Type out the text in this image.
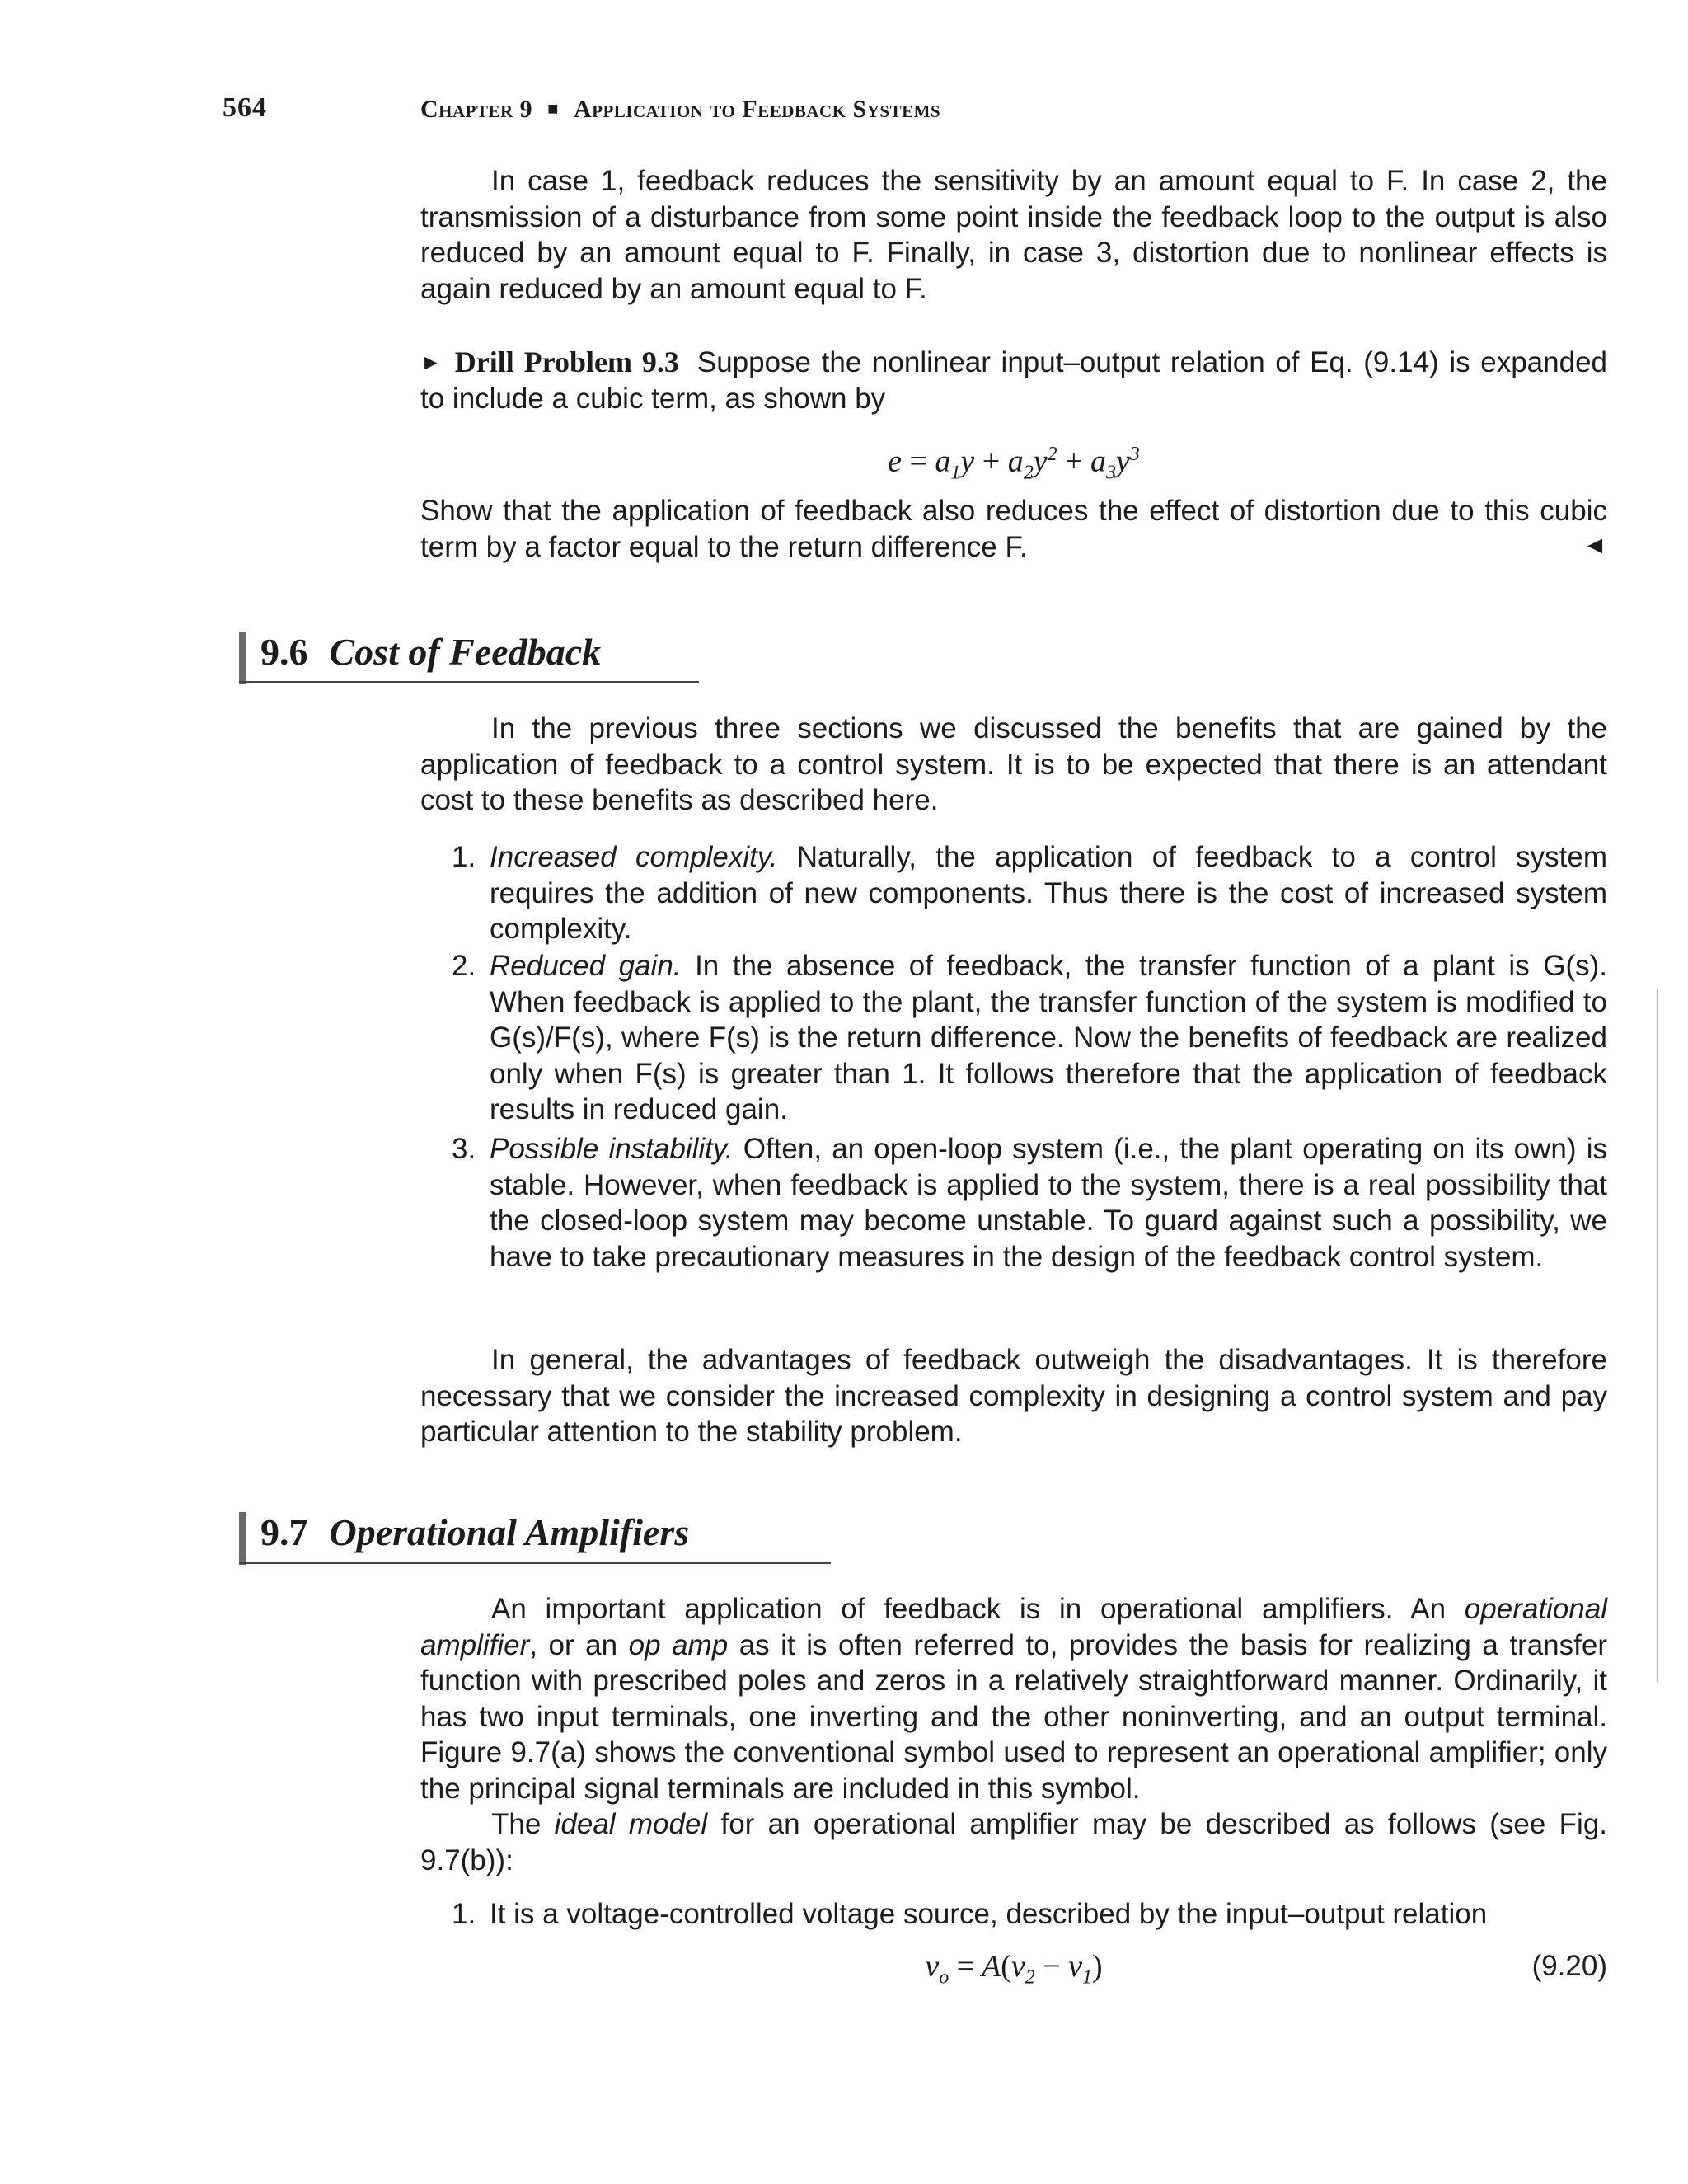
564	Chapter 9 ■ Application to Feedback Systems

In case 1, feedback reduces the sensitivity by an amount equal to F. In case 2, the transmission of a disturbance from some point inside the feedback loop to the output is also reduced by an amount equal to F. Finally, in case 3, distortion due to nonlinear effects is again reduced by an amount equal to F.

► Drill Problem 9.3 Suppose the nonlinear input–output relation of Eq. (9.14) is expanded to include a cubic term, as shown by
$e = a_1y + a_2y^2 + a_3y^3$
Show that the application of feedback also reduces the effect of distortion due to this cubic term by a factor equal to the return difference F.	◄
9.6 Cost of Feedback

In the previous three sections we discussed the benefits that are gained by the application of feedback to a control system. It is to be expected that there is an attendant cost to these benefits as described here.

1. Increased complexity. Naturally, the application of feedback to a control system requires the addition of new components. Thus there is the cost of increased system complexity.

2. Reduced gain. In the absence of feedback, the transfer function of a plant is G(s). When feedback is applied to the plant, the transfer function of the system is modified to G(s)/F(s), where F(s) is the return difference. Now the benefits of feedback are realized only when F(s) is greater than 1. It follows therefore that the application of feedback results in reduced gain.

3. Possible instability. Often, an open-loop system (i.e., the plant operating on its own) is stable. However, when feedback is applied to the system, there is a real possibility that the closed-loop system may become unstable. To guard against such a possibility, we have to take precautionary measures in the design of the feedback control system.

In general, the advantages of feedback outweigh the disadvantages. It is therefore necessary that we consider the increased complexity in designing a control system and pay particular attention to the stability problem.

9.7 Operational Amplifiers

An important application of feedback is in operational amplifiers. An operational amplifier, or an op amp as it is often referred to, provides the basis for realizing a transfer function with prescribed poles and zeros in a relatively straightforward manner. Ordinarily, it has two input terminals, one inverting and the other noninverting, and an output terminal. Figure 9.7(a) shows the conventional symbol used to represent an operational amplifier; only the principal signal terminals are included in this symbol.

The ideal model for an operational amplifier may be described as follows (see Fig. 9.7(b)):

1. It is a voltage-controlled voltage source, described by the input–output relation

$v_o = A(v_2 - v_1)$	(9.20)
